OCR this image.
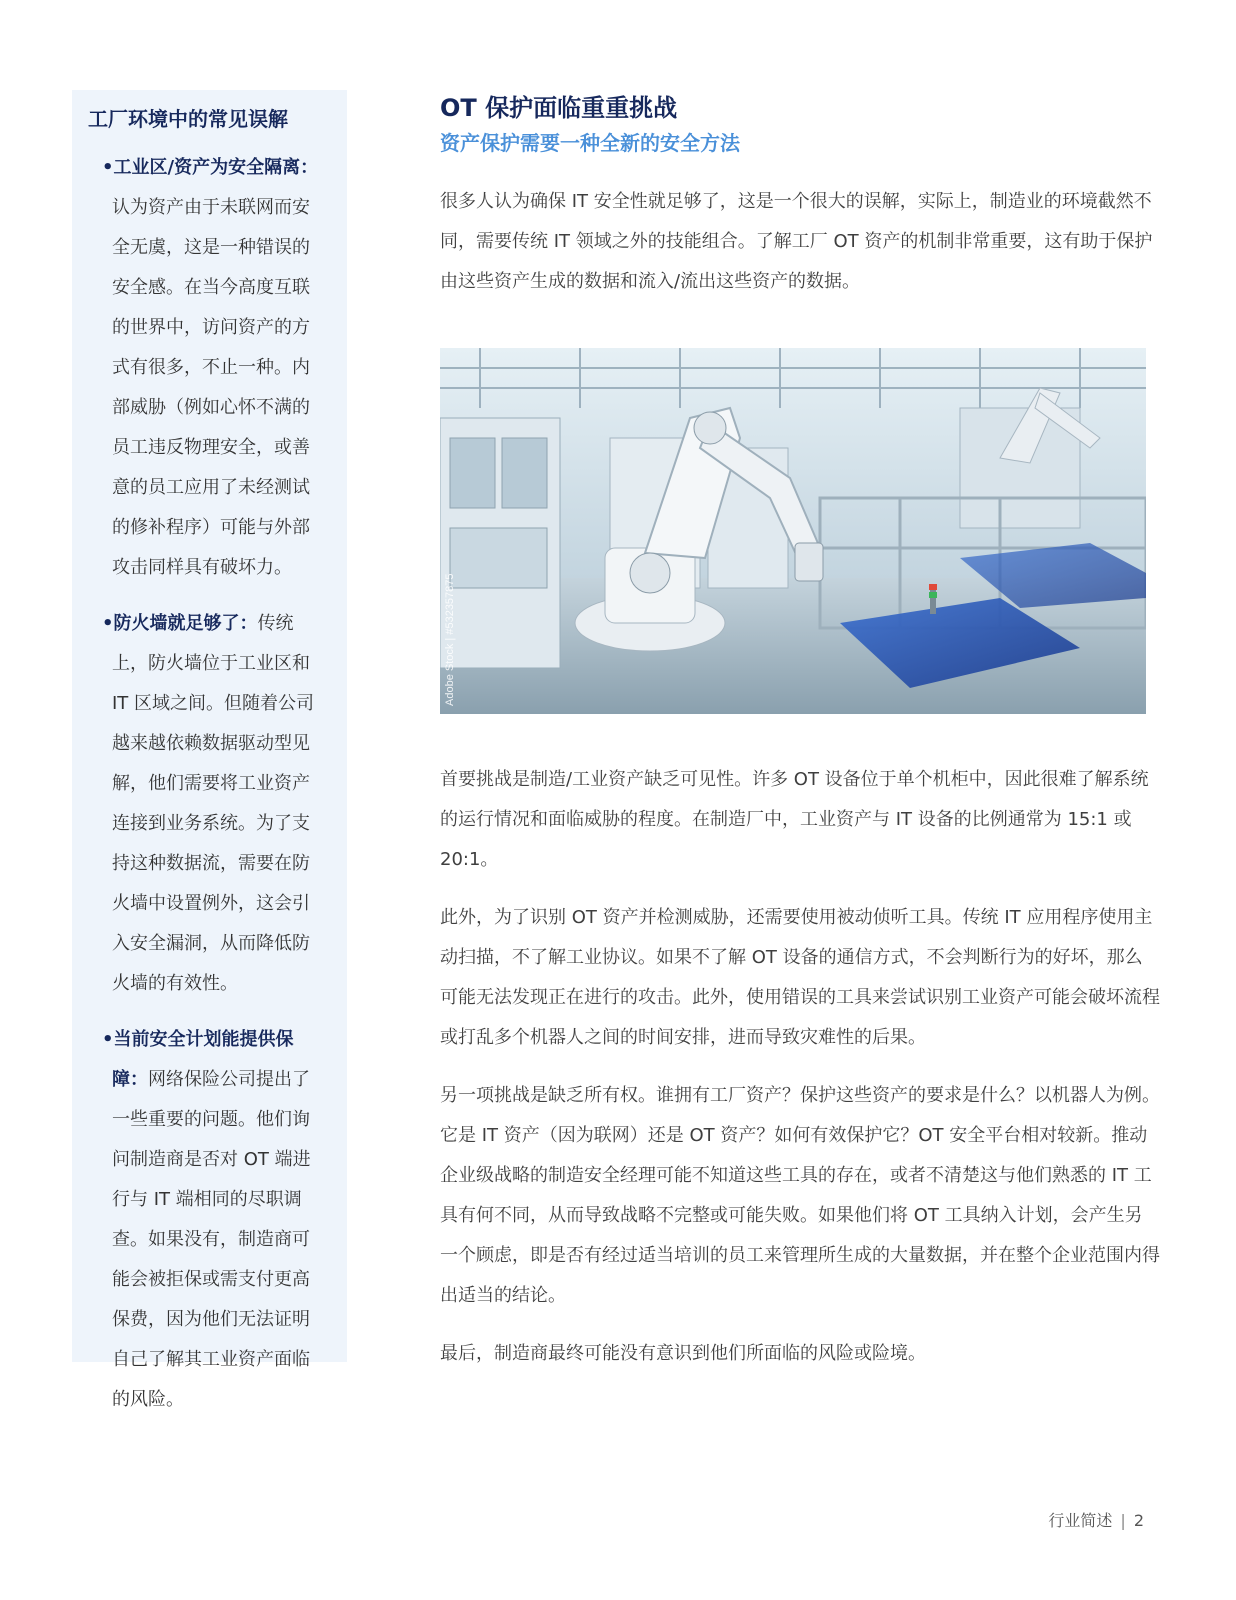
工厂环境中的常见误解
•工业区/资产为安全隔离：认为资产由于未联网而安全无虞，这是一种错误的安全感。在当今高度互联的世界中，访问资产的方式有很多，不止一种。内部威胁（例如心怀不满的员工违反物理安全，或善意的员工应用了未经测试的修补程序）可能与外部攻击同样具有破坏力。
•防火墙就足够了：传统上，防火墙位于工业区和 IT 区域之间。但随着公司越来越依赖数据驱动型见解，他们需要将工业资产连接到业务系统。为了支持这种数据流，需要在防火墙中设置例外，这会引入安全漏洞，从而降低防火墙的有效性。
•当前安全计划能提供保障：网络保险公司提出了一些重要的问题。他们询问制造商是否对 OT 端进行与 IT 端相同的尽职调查。如果没有，制造商可能会被拒保或需支付更高保费，因为他们无法证明自己了解其工业资产面临的风险。
OT 保护面临重重挑战
资产保护需要一种全新的安全方法

很多人认为确保 IT 安全性就足够了，这是一个很大的误解，实际上，制造业的环境截然不同，需要传统 IT 领域之外的技能组合。了解工厂 OT 资产的机制非常重要，这有助于保护由这些资产生成的数据和流入/流出这些资产的数据。

Adobe Stock | #532357875

首要挑战是制造/工业资产缺乏可见性。许多 OT 设备位于单个机柜中，因此很难了解系统的运行情况和面临威胁的程度。在制造厂中，工业资产与 IT 设备的比例通常为 15:1 或 20:1。

此外，为了识别 OT 资产并检测威胁，还需要使用被动侦听工具。传统 IT 应用程序使用主动扫描，不了解工业协议。如果不了解 OT 设备的通信方式，不会判断行为的好坏，那么可能无法发现正在进行的攻击。此外，使用错误的工具来尝试识别工业资产可能会破坏流程或打乱多个机器人之间的时间安排，进而导致灾难性的后果。

另一项挑战是缺乏所有权。谁拥有工厂资产？保护这些资产的要求是什么？以机器人为例。它是 IT 资产（因为联网）还是 OT 资产？如何有效保护它？OT 安全平台相对较新。推动企业级战略的制造安全经理可能不知道这些工具的存在，或者不清楚这与他们熟悉的 IT 工具有何不同，从而导致战略不完整或可能失败。如果他们将 OT 工具纳入计划，会产生另一个顾虑，即是否有经过适当培训的员工来管理所生成的大量数据，并在整个企业范围内得出适当的结论。

最后，制造商最终可能没有意识到他们所面临的风险或险境。

行业简述 | 2
